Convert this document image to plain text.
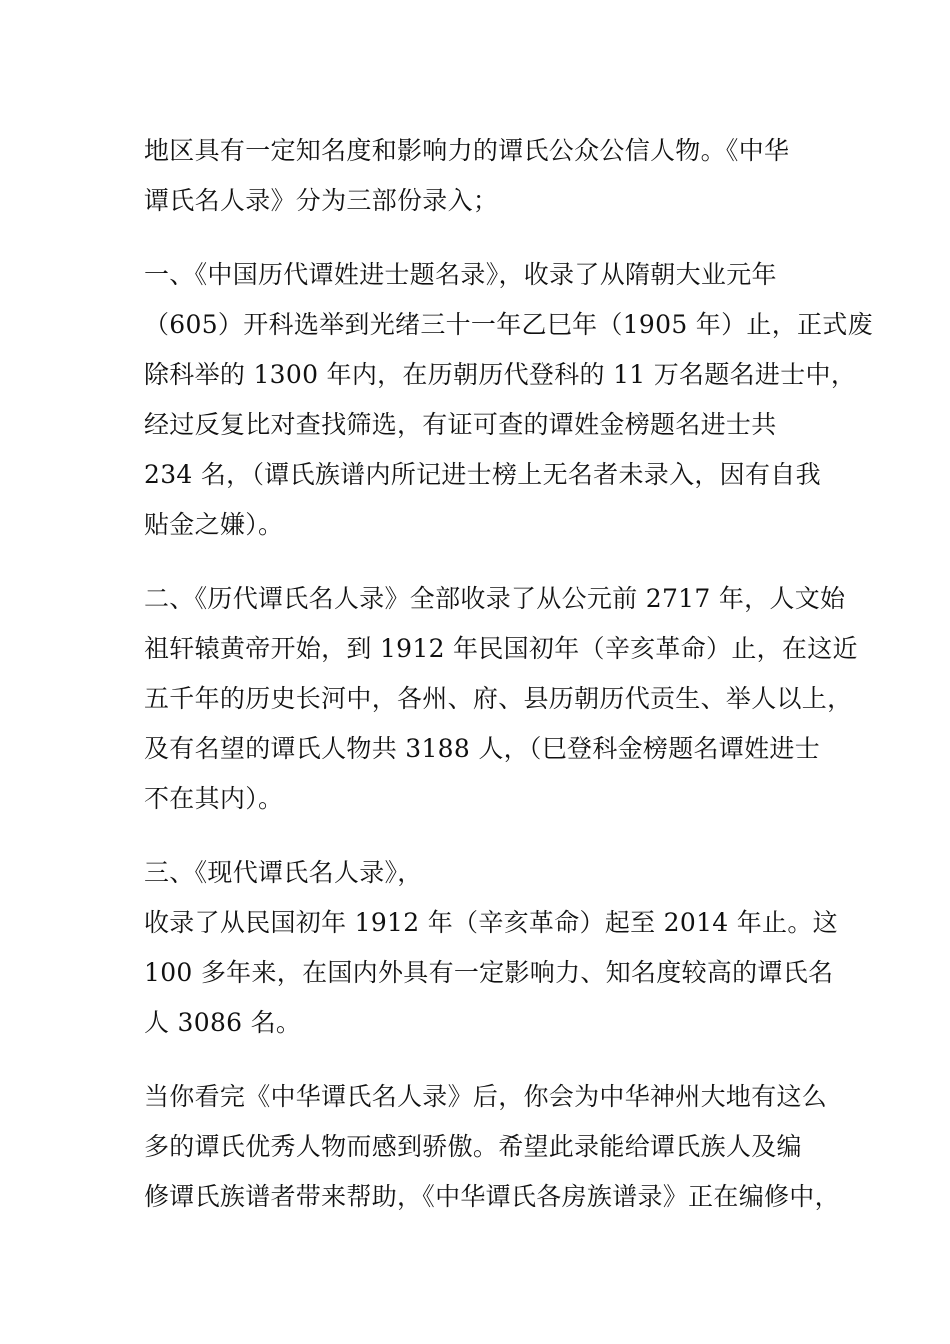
地区具有一定知名度和影响力的谭氏公众公信人物。《中华
谭氏名人录》分为三部份录入；
一、《中国历代谭姓进士题名录》，收录了从隋朝大业元年
（605）开科选举到光绪三十一年乙巳年（1905 年）止，正式废
除科举的 1300 年内，在历朝历代登科的 11 万名题名进士中，
经过反复比对查找筛选，有证可查的谭姓金榜题名进士共
234 名，（谭氏族谱内所记进士榜上无名者未录入，因有自我
贴金之嫌）。
二、《历代谭氏名人录》全部收录了从公元前 2717 年，人文始
祖轩辕黄帝开始，到 1912 年民国初年（辛亥革命）止，在这近
五千年的历史长河中，各州、府、县历朝历代贡生、举人以上，
及有名望的谭氏人物共 3188 人，（巳登科金榜题名谭姓进士
不在其内）。
三、《现代谭氏名人录》，
收录了从民国初年 1912 年（辛亥革命）起至 2014 年止。这
100 多年来，在国内外具有一定影响力、知名度较高的谭氏名
人 3086 名。
当你看完《中华谭氏名人录》后，你会为中华神州大地有这么
多的谭氏优秀人物而感到骄傲。希望此录能给谭氏族人及编
修谭氏族谱者带来帮助，《中华谭氏各房族谱录》正在编修中，
